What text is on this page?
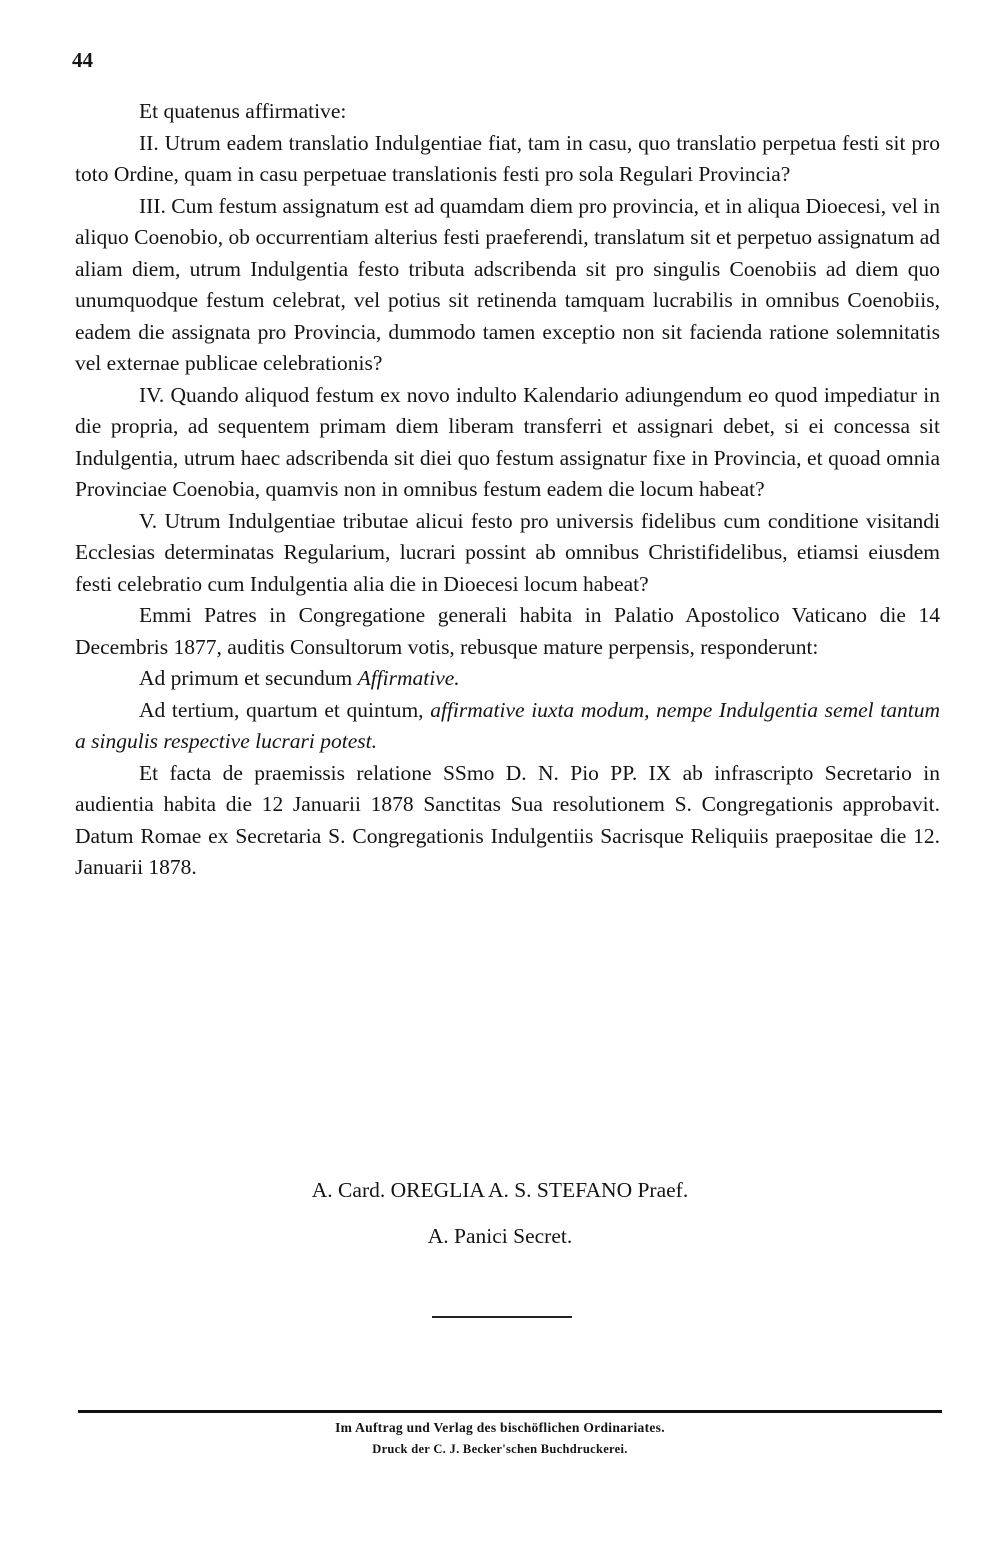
44

Et quatenus affirmative:

II. Utrum eadem translatio Indulgentiae fiat, tam in casu, quo translatio perpetua festi sit pro toto Ordine, quam in casu perpetuae translationis festi pro sola Regulari Provincia?

III. Cum festum assignatum est ad quamdam diem pro provincia, et in aliqua Dioecesi, vel in aliquo Coenobio, ob occurrentiam alterius festi praeferendi, translatum sit et perpetuo assignatum ad aliam diem, utrum Indulgentia festo tributa adscribenda sit pro singulis Coenobiis ad diem quo unumquodque festum celebrat, vel potius sit retinenda tamquam lucrabilis in omnibus Coenobiis, eadem die assignata pro Provincia, dummodo tamen exceptio non sit facienda ratione solemnitatis vel externae publicae celebrationis?

IV. Quando aliquod festum ex novo indulto Kalendario adiungendum eo quod impediatur in die propria, ad sequentem primam diem liberam transferri et assignari debet, si ei concessa sit Indulgentia, utrum haec adscribenda sit diei quo festum assignatur fixe in Provincia, et quoad omnia Provinciae Coenobia, quamvis non in omnibus festum eadem die locum habeat?

V. Utrum Indulgentiae tributae alicui festo pro universis fidelibus cum conditione visitandi Ecclesias determinatas Regularium, lucrari possint ab omnibus Christifidelibus, etiamsi eiusdem festi celebratio cum Indulgentia alia die in Dioecesi locum habeat?

Emmi Patres in Congregatione generali habita in Palatio Apostolico Vaticano die 14 Decembris 1877, auditis Consultorum votis, rebusque mature perpensis, responderunt:

Ad primum et secundum Affirmative.

Ad tertium, quartum et quintum, affirmative iuxta modum, nempe Indulgentia semel tantum a singulis respective lucrari potest.

Et facta de praemissis relatione SSmo D. N. Pio PP. IX ab infrascripto Secretario in audientia habita die 12 Januarii 1878 Sanctitas Sua resolutionem S. Congregationis approbavit. Datum Romae ex Secretaria S. Congregationis Indulgentiis Sacrisque Reliquiis praepositae die 12. Januarii 1878.

A. Card. OREGLIA A. S. STEFANO Praef.
A. Panici Secret.
Im Auftrag und Verlag des bischöflichen Ordinariates.
Druck der C. J. Becker'schen Buchdruckerei.
